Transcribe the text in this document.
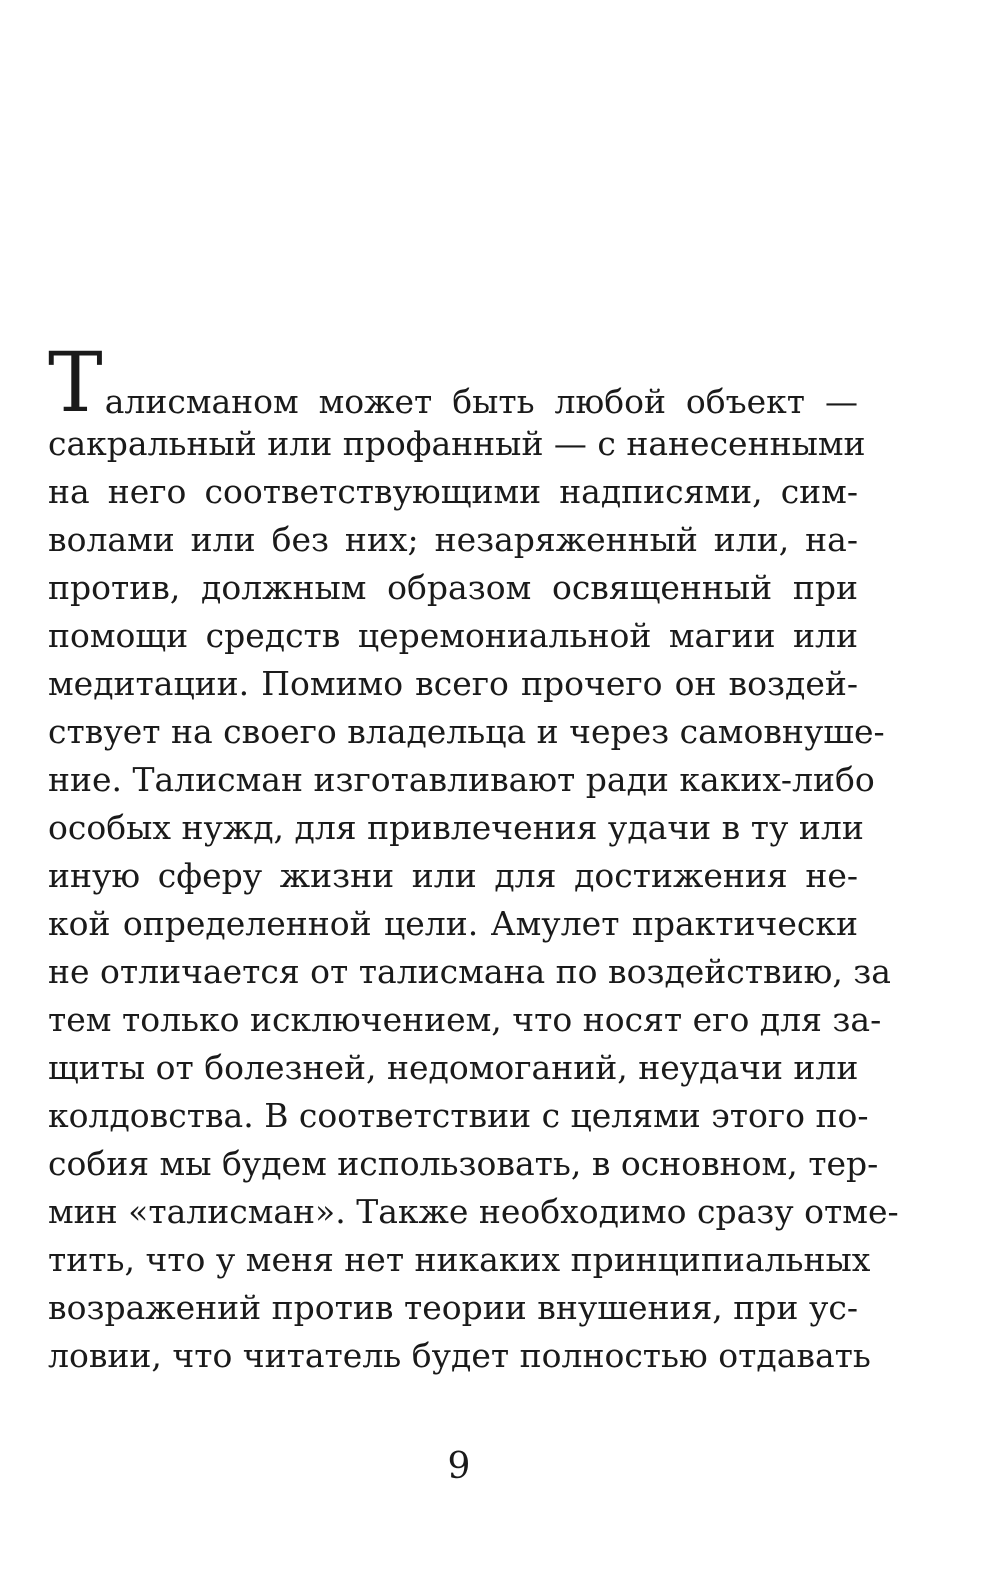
Т алисманом может быть любой объект —
сакральный или профанный — с нанесенными
на него соответствующими надписями, сим-
волами или без них; незаряженный или, на-
против, должным образом освященный при
помощи средств церемониальной магии или
медитации. Помимо всего прочего он воздей-
ствует на своего владельца и через самовнуше-
ние. Талисман изготавливают ради каких-либо
особых нужд, для привлечения удачи в ту или
иную сферу жизни или для достижения не-
кой определенной цели. Амулет практически
не отличается от талисмана по воздействию, за
тем только исключением, что носят его для за-
щиты от болезней, недомоганий, неудачи или
колдовства. В соответствии с целями этого по-
собия мы будем использовать, в основном, тер-
мин «талисман». Также необходимо сразу отме-
тить, что у меня нет никаких принципиальных
возражений против теории внушения, при ус-
ловии, что читатель будет полностью отдавать
9
